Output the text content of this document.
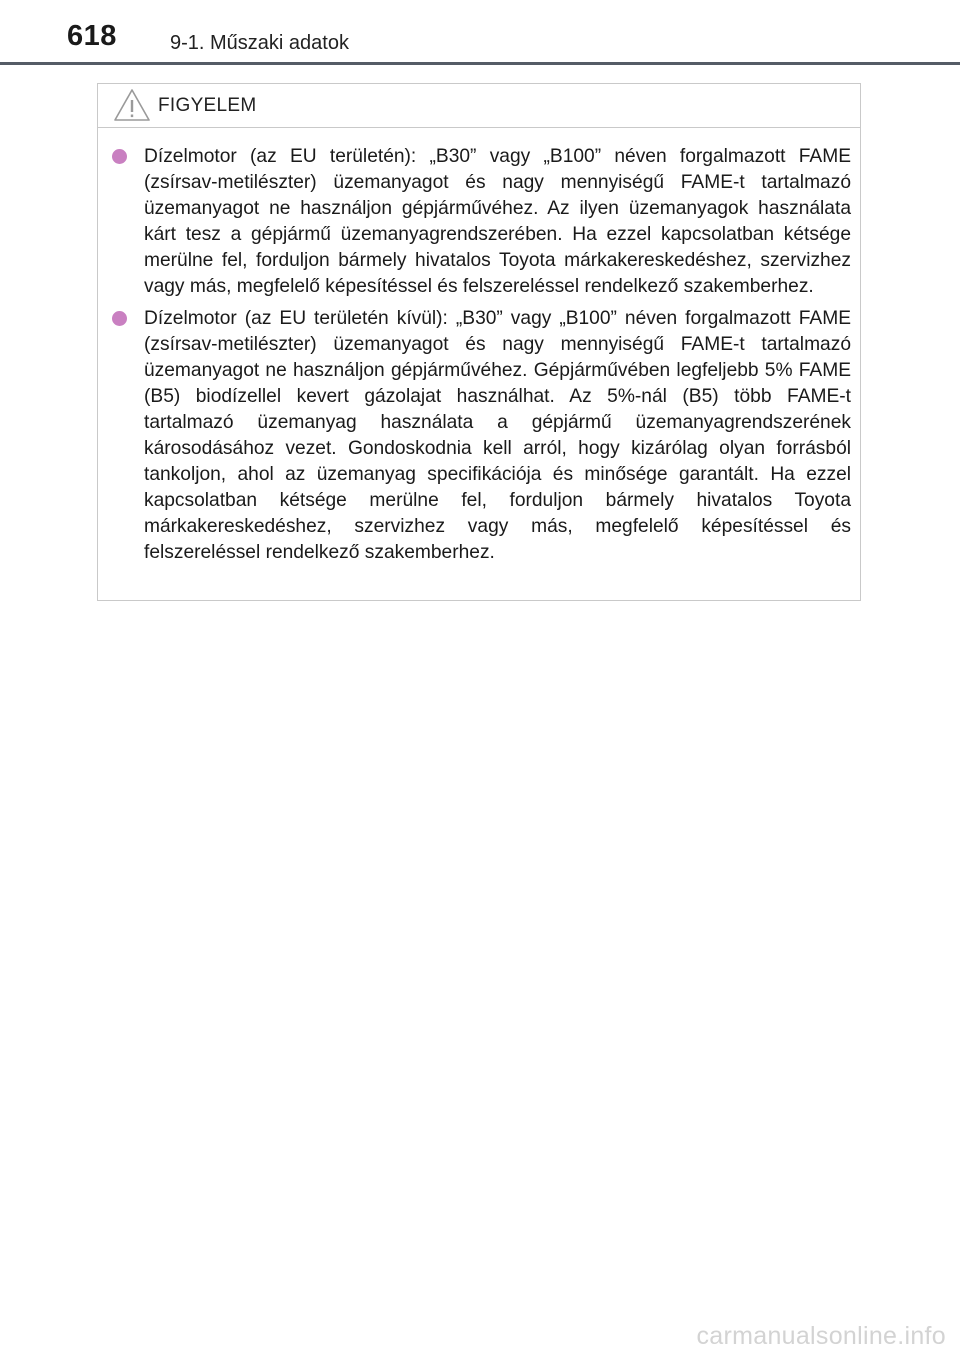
618	9-1. Műszaki adatok
FIGYELEM
Dízelmotor (az EU területén): „B30” vagy „B100” néven forgalmazott FAME (zsírsav-metilészter) üzemanyagot és nagy mennyiségű FAME-t tartalmazó üzemanyagot ne használjon gépjárművéhez. Az ilyen üzemanyagok használata kárt tesz a gépjármű üzemanyagrendszerében. Ha ezzel kapcsolatban kétsége merülne fel, forduljon bármely hivatalos Toyota márkakereskedéshez, szervizhez vagy más, megfelelő képesítéssel és felszereléssel rendelkező szakemberhez.
Dízelmotor (az EU területén kívül): „B30” vagy „B100” néven forgalmazott FAME (zsírsav-metilészter) üzemanyagot és nagy mennyiségű FAME-t tartalmazó üzemanyagot ne használjon gépjárművéhez. Gépjárművében legfeljebb 5% FAME (B5) biodízellel kevert gázolajat használhat. Az 5%-nál (B5) több FAME-t tartalmazó üzemanyag használata a gépjármű üzemanyagrendszerének károsodásához vezet. Gondoskodnia kell arról, hogy kizárólag olyan forrásból tankoljon, ahol az üzemanyag specifikációja és minősége garantált. Ha ezzel kapcsolatban kétsége merülne fel, forduljon bármely hivatalos Toyota márkakereskedéshez, szervizhez vagy más, megfelelő képesítéssel és felszereléssel rendelkező szakemberhez.
carmanualsonline.info
